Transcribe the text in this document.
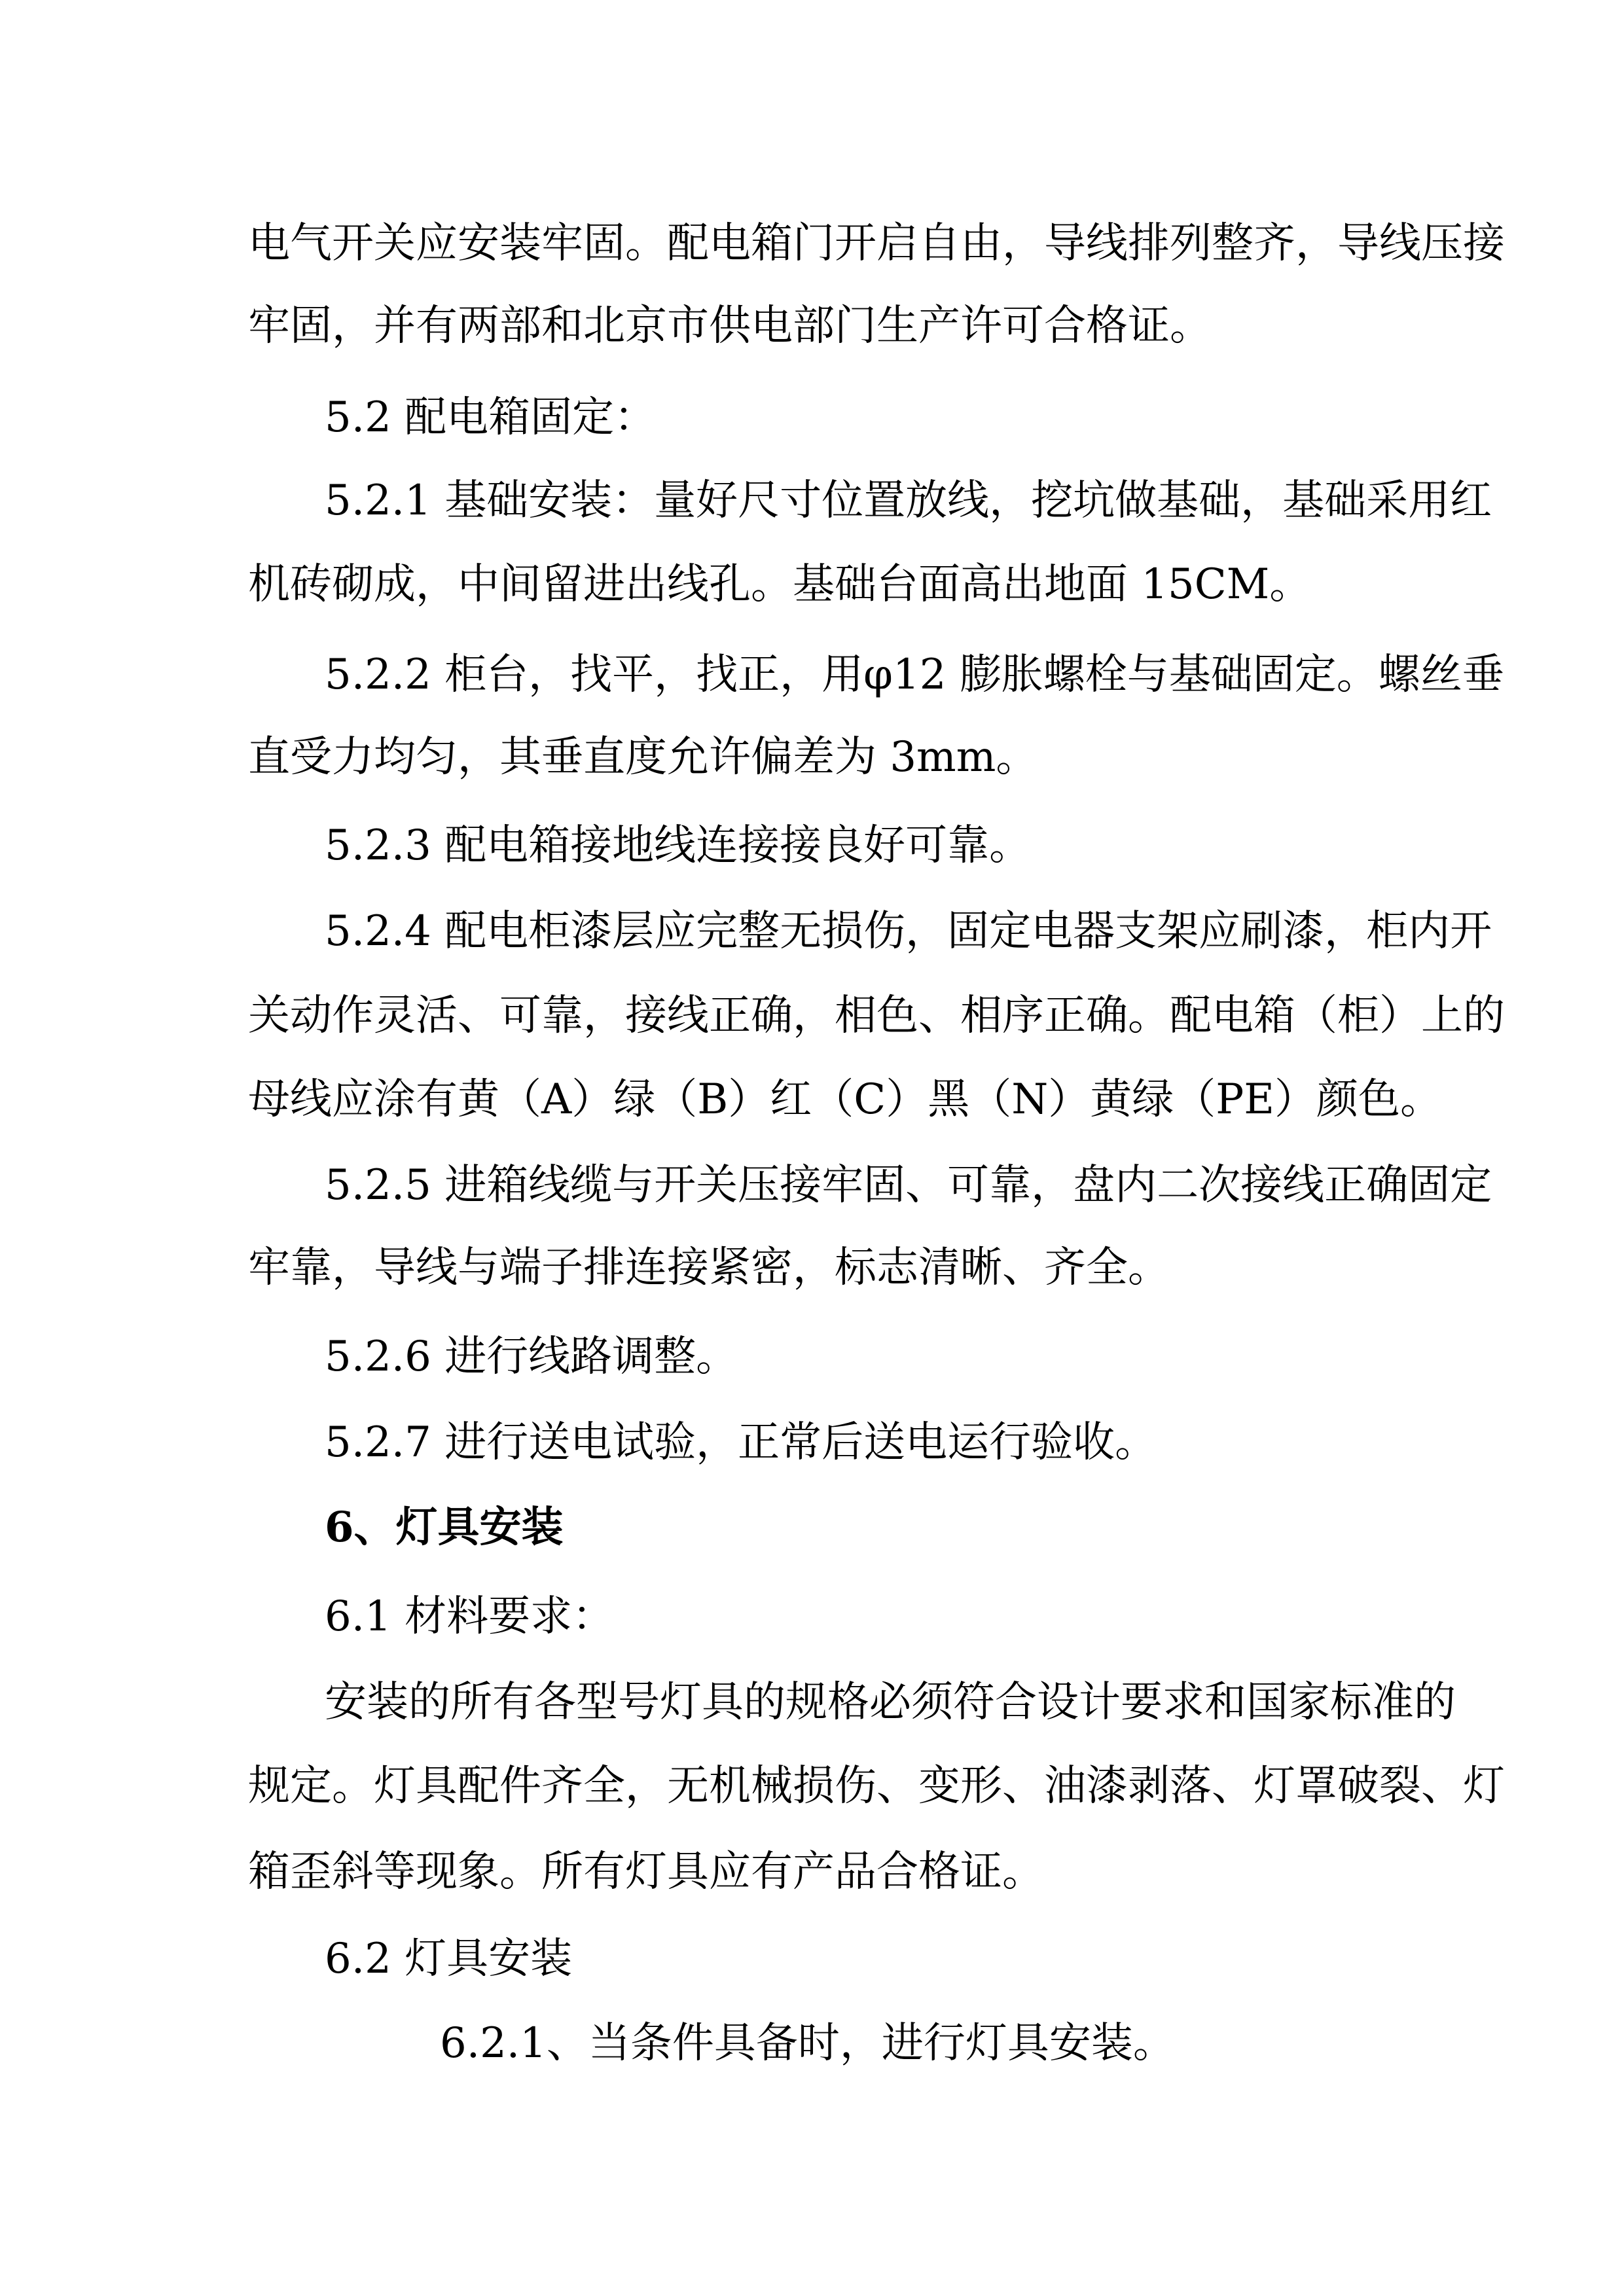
电气开关应安装牢固。配电箱门开启自由，导线排列整齐，导线压接
牢固，并有两部和北京市供电部门生产许可合格证。
5.2 配电箱固定：
5.2.1 基础安装：量好尺寸位置放线，挖坑做基础，基础采用红
机砖砌成，中间留进出线孔。基础台面高出地面 15CM。
5.2.2 柜台，找平，找正，用φ12 膨胀螺栓与基础固定。螺丝垂
直受力均匀，其垂直度允许偏差为 3mm。
5.2.3 配电箱接地线连接接良好可靠。
5.2.4 配电柜漆层应完整无损伤，固定电器支架应刷漆，柜内开
关动作灵活、可靠，接线正确，相色、相序正确。配电箱（柜）上的
母线应涂有黄（A）绿（B）红（C）黑（N）黄绿（PE）颜色。
5.2.5 进箱线缆与开关压接牢固、可靠，盘内二次接线正确固定
牢靠，导线与端子排连接紧密，标志清晰、齐全。
5.2.6 进行线路调整。
5.2.7 进行送电试验，正常后送电运行验收。
6、灯具安装
6.1 材料要求：
安装的所有各型号灯具的规格必须符合设计要求和国家标准的
规定。灯具配件齐全，无机械损伤、变形、油漆剥落、灯罩破裂、灯
箱歪斜等现象。所有灯具应有产品合格证。
6.2 灯具安装
6.2.1、当条件具备时，进行灯具安装。
